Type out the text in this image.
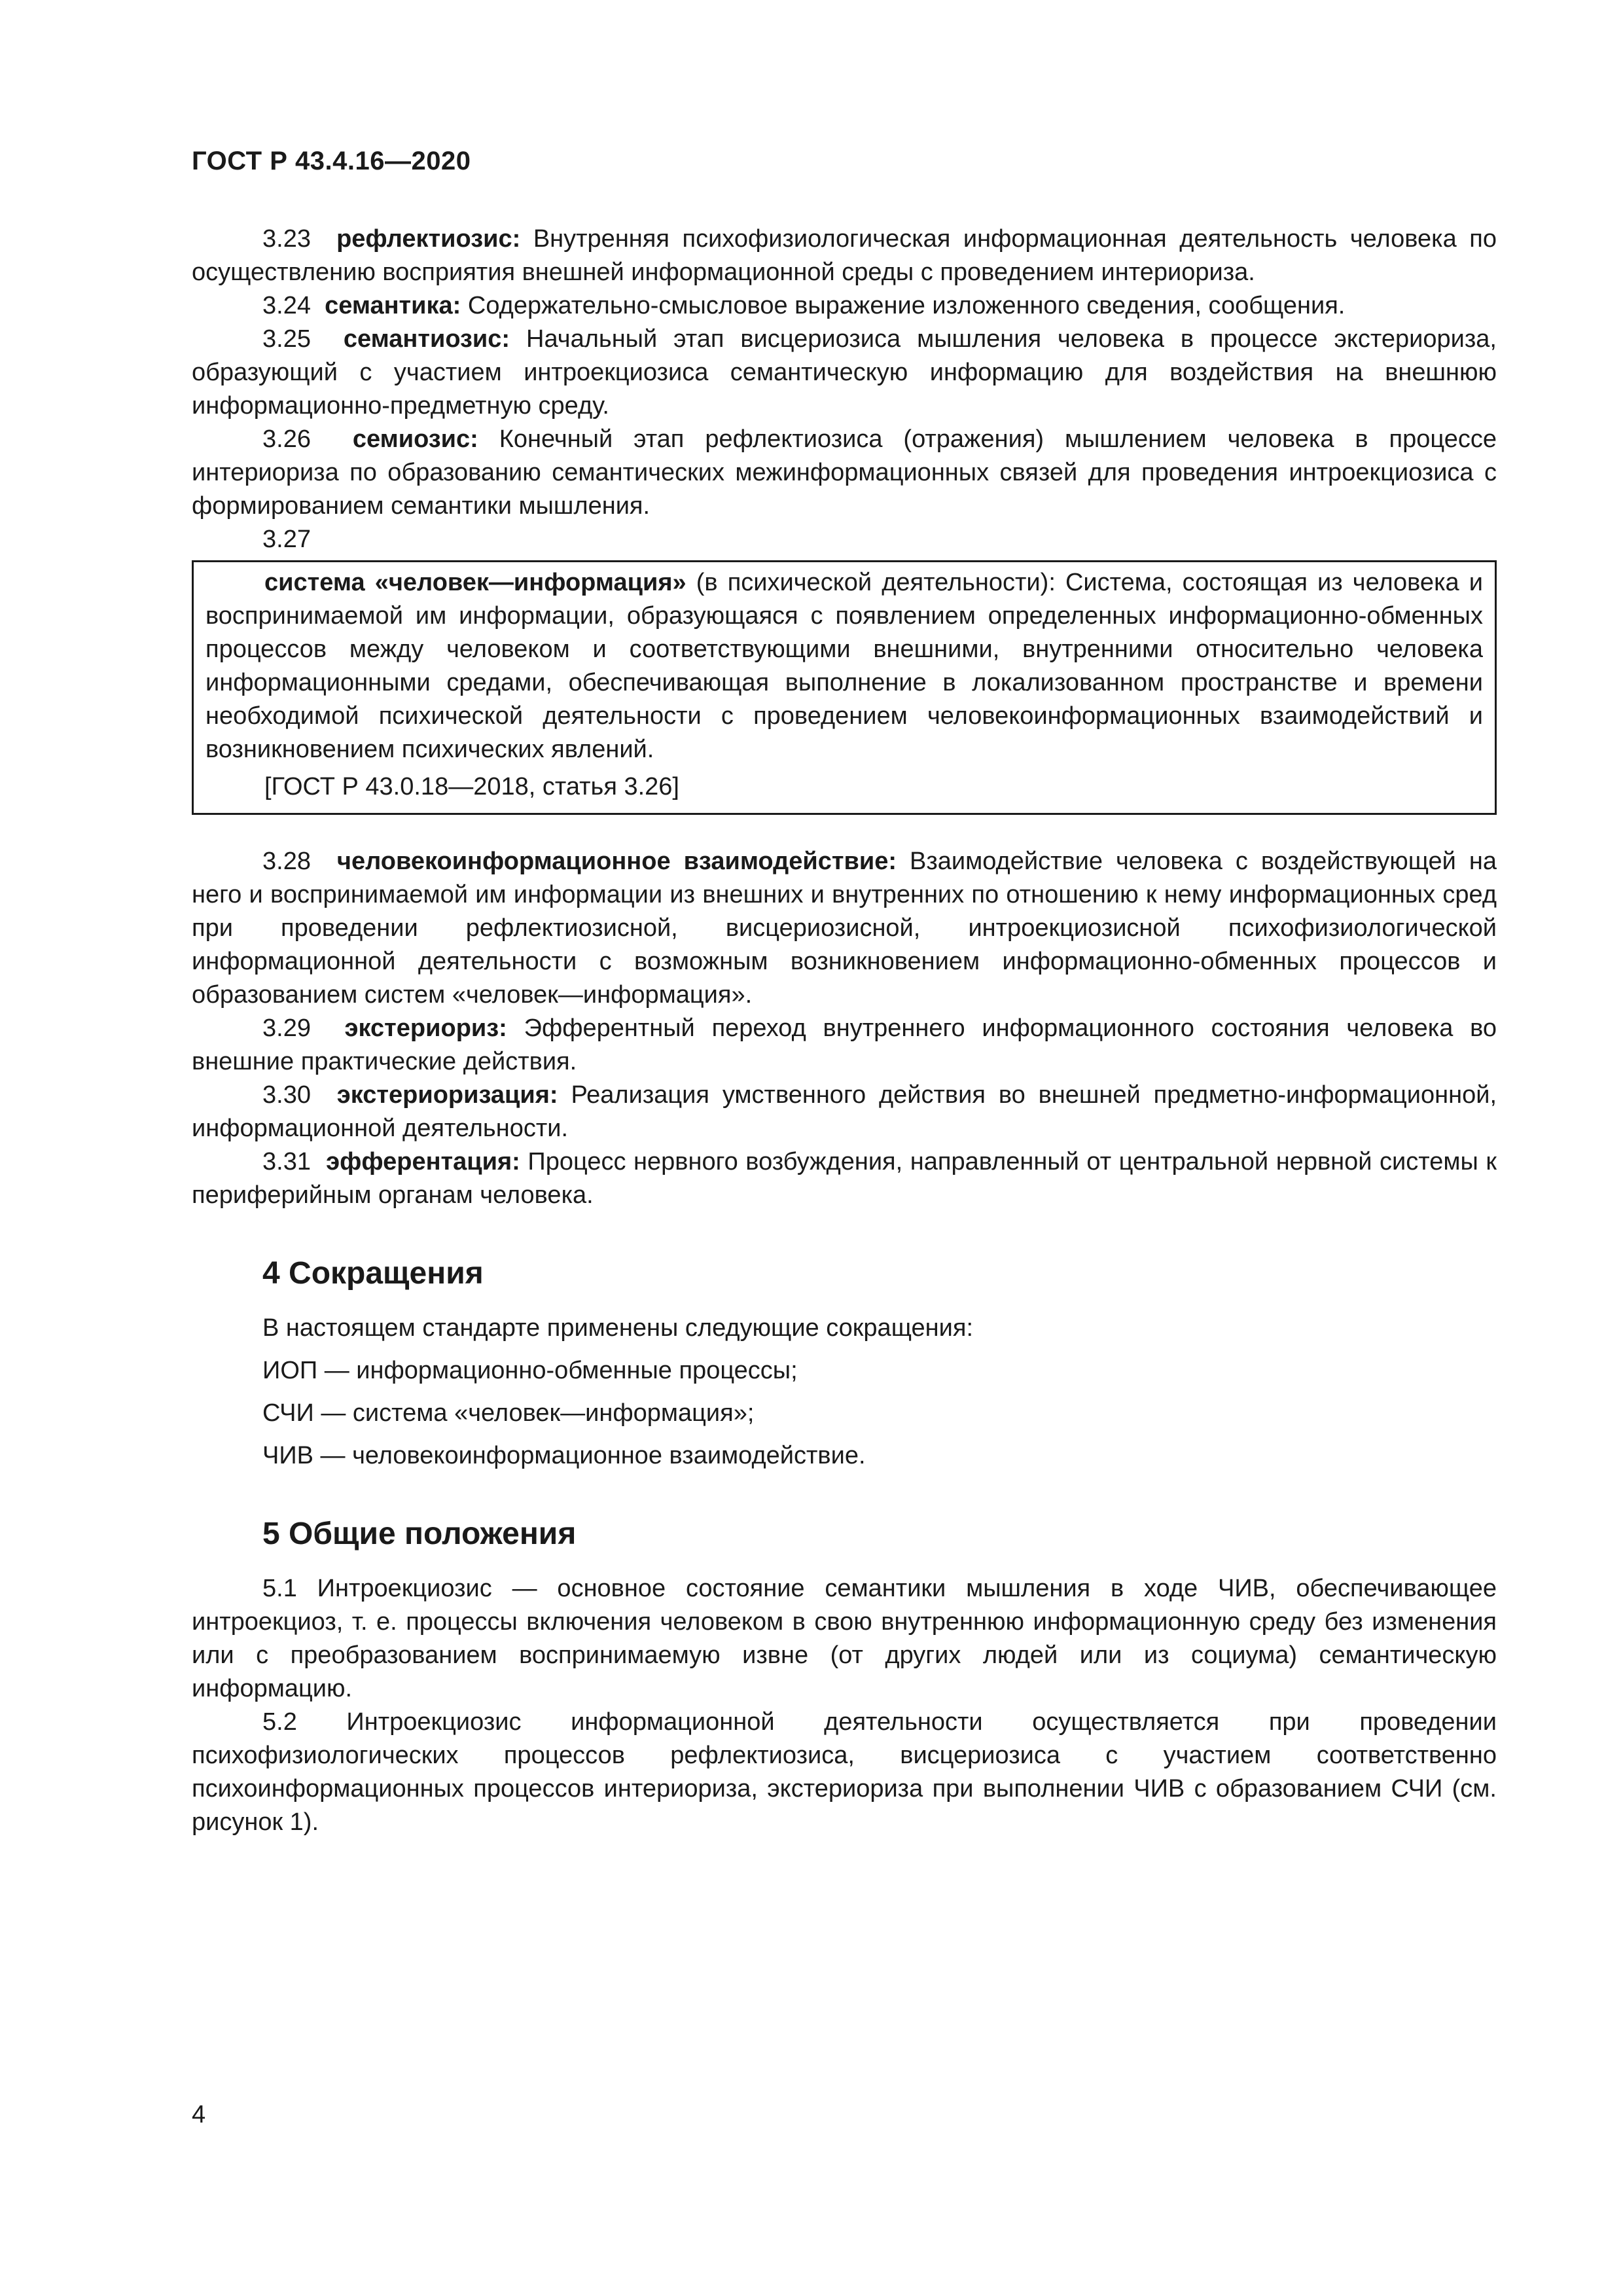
ГОСТ Р 43.4.16—2020

3.23 рефлектиозис: Внутренняя психофизиологическая информационная деятельность человека по осуществлению восприятия внешней информационной среды с проведением интериориза.

3.24 семантика: Содержательно-смысловое выражение изложенного сведения, сообщения.

3.25 семантиозис: Начальный этап висцериозиса мышления человека в процессе экстериориза, образующий с участием интроекциозиса семантическую информацию для воздействия на внешнюю информационно-предметную среду.

3.26 семиозис: Конечный этап рефлектиозиса (отражения) мышлением человека в процессе интериориза по образованию семантических межинформационных связей для проведения интроекциозиса с формированием семантики мышления.

3.27

система «человек—информация» (в психической деятельности): Система, состоящая из человека и воспринимаемой им информации, образующаяся с появлением определенных информационно-обменных процессов между человеком и соответствующими внешними, внутренними относительно человека информационными средами, обеспечивающая выполнение в локализованном пространстве и времени необходимой психической деятельности с проведением человекоинформационных взаимодействий и возникновением психических явлений.

[ГОСТ Р 43.0.18—2018, статья 3.26]

3.28 человекоинформационное взаимодействие: Взаимодействие человека с воздействующей на него и воспринимаемой им информации из внешних и внутренних по отношению к нему информационных сред при проведении рефлектиозисной, висцериозисной, интроекциозисной психофизиологической информационной деятельности с возможным возникновением информационно-обменных процессов и образованием систем «человек—информация».

3.29 экстериориз: Эфферентный переход внутреннего информационного состояния человека во внешние практические действия.

3.30 экстериоризация: Реализация умственного действия во внешней предметно-информационной, информационной деятельности.

3.31 эфферентация: Процесс нервного возбуждения, направленный от центральной нервной системы к периферийным органам человека.

4 Сокращения

В настоящем стандарте применены следующие сокращения:

ИОП — информационно-обменные процессы;

СЧИ — система «человек—информация»;

ЧИВ — человекоинформационное взаимодействие.

5 Общие положения

5.1 Интроекциозис — основное состояние семантики мышления в ходе ЧИВ, обеспечивающее интроекциоз, т. е. процессы включения человеком в свою внутреннюю информационную среду без изменения или с преобразованием воспринимаемую извне (от других людей или из социума) семантическую информацию.

5.2 Интроекциозис информационной деятельности осуществляется при проведении психофизиологических процессов рефлектиозиса, висцериозиса с участием соответственно психоинформационных процессов интериориза, экстериориза при выполнении ЧИВ с образованием СЧИ (см. рисунок 1).

4
